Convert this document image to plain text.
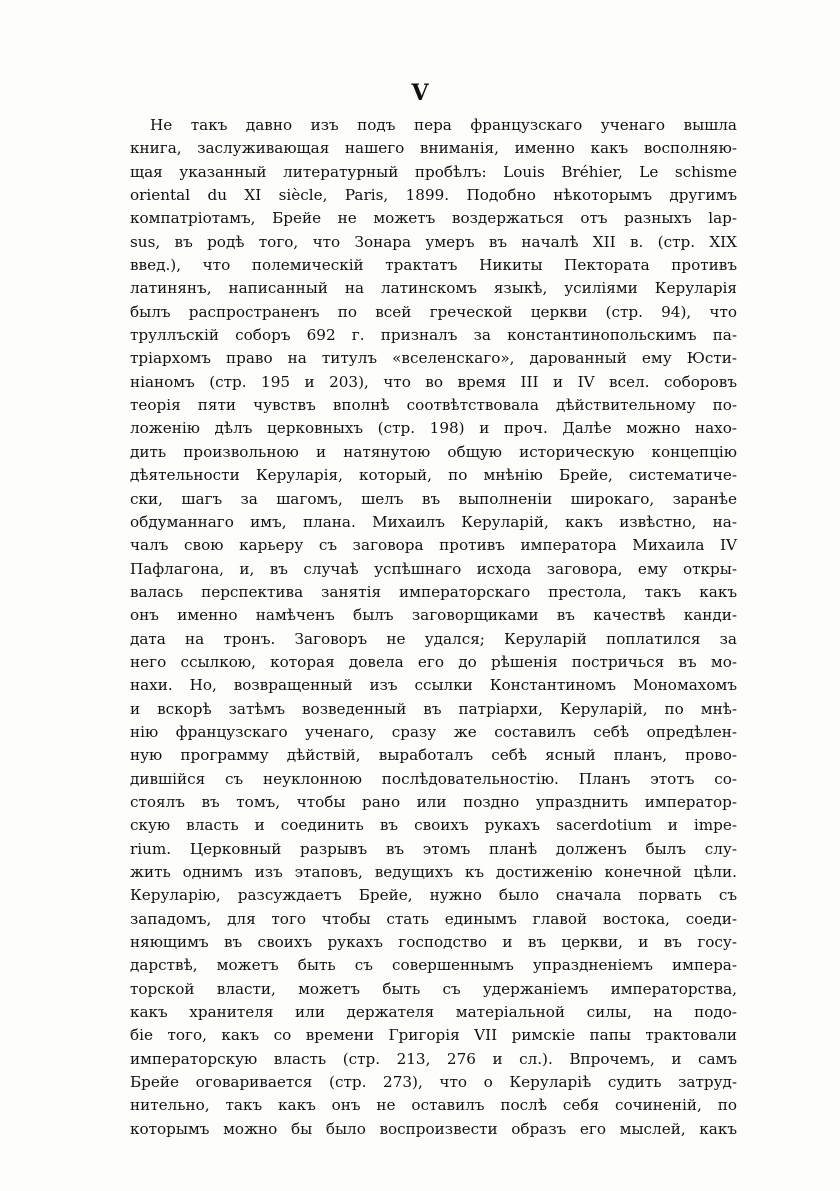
V
Не такъ давно изъ подъ пера французскаго ученаго вышла
книга, заслуживающая нашего вниманія, именно какъ восполняю-
щая указанный литературный пробѣлъ: Louis Bréhier, Le schisme
oriental du XI siècle, Paris, 1899. Подобно нѣкоторымъ другимъ
компатріотамъ, Брейе не можетъ воздержаться отъ разныхъ lap-
sus, въ родѣ того, что Зонара умеръ въ началѣ XII в. (стр. XIX
введ.), что полемическій трактатъ Никиты Пектората противъ
латинянъ, написанный на латинскомъ языкѣ, усиліями Керуларія
былъ распространенъ по всей греческой церкви (стр. 94), что
труллъскій соборъ 692 г. призналъ за константинопольскимъ па-
тріархомъ право на титулъ «вселенскаго», дарованный ему Юсти-
ніаномъ (стр. 195 и 203), что во время III и IV всел. соборовъ
теорія пяти чувствъ вполнѣ соотвѣтствовала дѣйствительному по-
ложенію дѣлъ церковныхъ (стр. 198) и проч. Далѣе можно нахо-
дить произвольною и натянутою общую историческую концепцію
дѣятельности Керуларія, который, по мнѣнію Брейе, систематиче-
ски, шагъ за шагомъ, шелъ въ выполненіи широкаго, заранѣе
обдуманнаго имъ, плана. Михаилъ Керуларій, какъ извѣстно, на-
чалъ свою карьеру съ заговора противъ императора Михаила IV
Пафлагона, и, въ случаѣ успѣшнаго исхода заговора, ему откры-
валась перспектива занятія императорскаго престола, такъ какъ
онъ именно намѣченъ былъ заговорщиками въ качествѣ канди-
дата на тронъ. Заговоръ не удался; Керуларій поплатился за
него ссылкою, которая довела его до рѣшенія постричься въ мо-
нахи. Но, возвращенный изъ ссылки Константиномъ Мономахомъ
и вскорѣ затѣмъ возведенный въ патріархи, Керуларій, по мнѣ-
нію французскаго ученаго, сразу же составилъ себѣ опредѣлен-
ную программу дѣйствій, выработалъ себѣ ясный планъ, прово-
дившійся съ неуклонною послѣдовательностію. Планъ этотъ со-
стоялъ въ томъ, чтобы рано или поздно упразднить император-
скую власть и соединить въ своихъ рукахъ sacerdotium и impe-
rium. Церковный разрывъ въ этомъ планѣ долженъ былъ слу-
жить однимъ изъ этаповъ, ведущихъ къ достиженію конечной цѣли.
Керуларію, разсуждаетъ Брейе, нужно было сначала порвать съ
западомъ, для того чтобы стать единымъ главой востока, соеди-
няющимъ въ своихъ рукахъ господство и въ церкви, и въ госу-
дарствѣ, можетъ быть съ совершеннымъ упраздненіемъ импера-
торской власти, можетъ быть съ удержаніемъ императорства,
какъ хранителя или держателя матеріальной силы, на подо-
біе того, какъ со времени Григорія VII римскіе папы трактовали
императорскую власть (стр. 213, 276 и сл.). Впрочемъ, и самъ
Брейе оговаривается (стр. 273), что о Керуларіѣ судить затруд-
нительно, такъ какъ онъ не оставилъ послѣ себя сочиненій, по
которымъ можно бы было воспроизвести образъ его мыслей, какъ
